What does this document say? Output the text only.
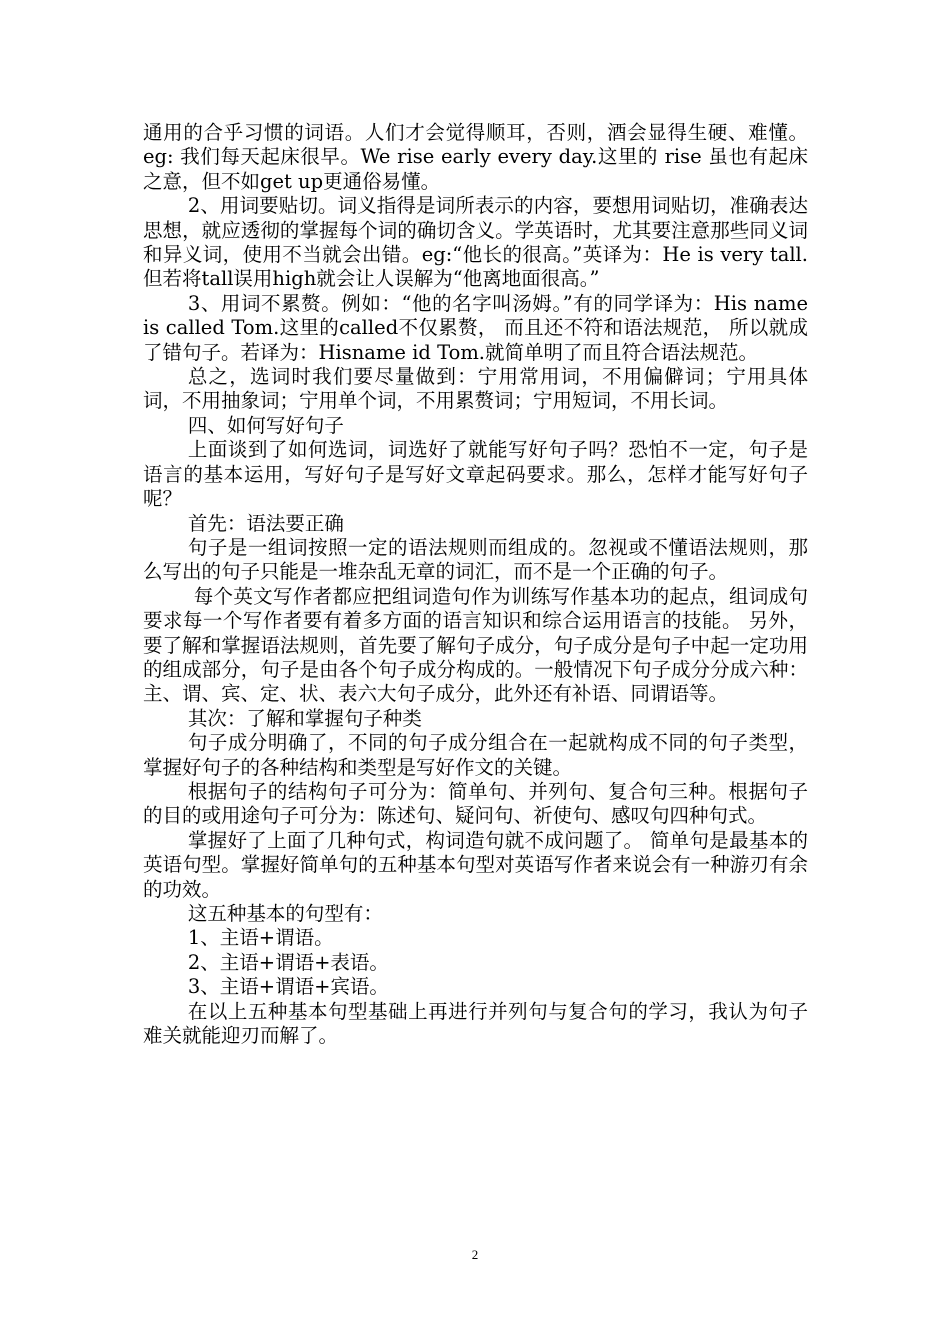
通用的合乎习惯的词语。人们才会觉得顺耳，否则，酒会显得生硬、难懂。eg: 我们每天起床很早。We rise early every day.这里的 rise 虽也有起床之意，但不如get up更通俗易懂。

2、用词要贴切。词义指得是词所表示的内容，要想用词贴切，准确表达思想，就应透彻的掌握每个词的确切含义。学英语时，尤其要注意那些同义词和异义词，使用不当就会出错。eg:“他长的很高。”英译为：He is very tall.但若将tall误用high就会让人误解为“他离地面很高。”

3、用词不累赘。例如：“他的名字叫汤姆。”有的同学译为：His name is called Tom.这里的called不仅累赘， 而且还不符和语法规范， 所以就成了错句子。若译为：Hisname id Tom.就简单明了而且符合语法规范。

总之，选词时我们要尽量做到：宁用常用词，不用偏僻词；宁用具体词，不用抽象词；宁用单个词，不用累赘词；宁用短词，不用长词。

四、如何写好句子

上面谈到了如何选词，词选好了就能写好句子吗？恐怕不一定，句子是语言的基本运用，写好句子是写好文章起码要求。那么，怎样才能写好句子呢？

首先：语法要正确

句子是一组词按照一定的语法规则而组成的。忽视或不懂语法规则，那么写出的句子只能是一堆杂乱无章的词汇，而不是一个正确的句子。

每个英文写作者都应把组词造句作为训练写作基本功的起点，组词成句要求每一个写作者要有着多方面的语言知识和综合运用语言的技能。 另外，要了解和掌握语法规则，首先要了解句子成分，句子成分是句子中起一定功用的组成部分，句子是由各个句子成分构成的。一般情况下句子成分分成六种：主、谓、宾、定、状、表六大句子成分，此外还有补语、同谓语等。

其次：了解和掌握句子种类

句子成分明确了，不同的句子成分组合在一起就构成不同的句子类型，掌握好句子的各种结构和类型是写好作文的关键。

根据句子的结构句子可分为：简单句、并列句、复合句三种。根据句子的目的或用途句子可分为：陈述句、疑问句、祈使句、感叹句四种句式。

掌握好了上面了几种句式，构词造句就不成问题了。 简单句是最基本的英语句型。掌握好简单句的五种基本句型对英语写作者来说会有一种游刃有余的功效。

这五种基本的句型有：

1、主语+谓语。

2、主语+谓语+表语。

3、主语+谓语+宾语。

在以上五种基本句型基础上再进行并列句与复合句的学习，我认为句子难关就能迎刃而解了。

2
